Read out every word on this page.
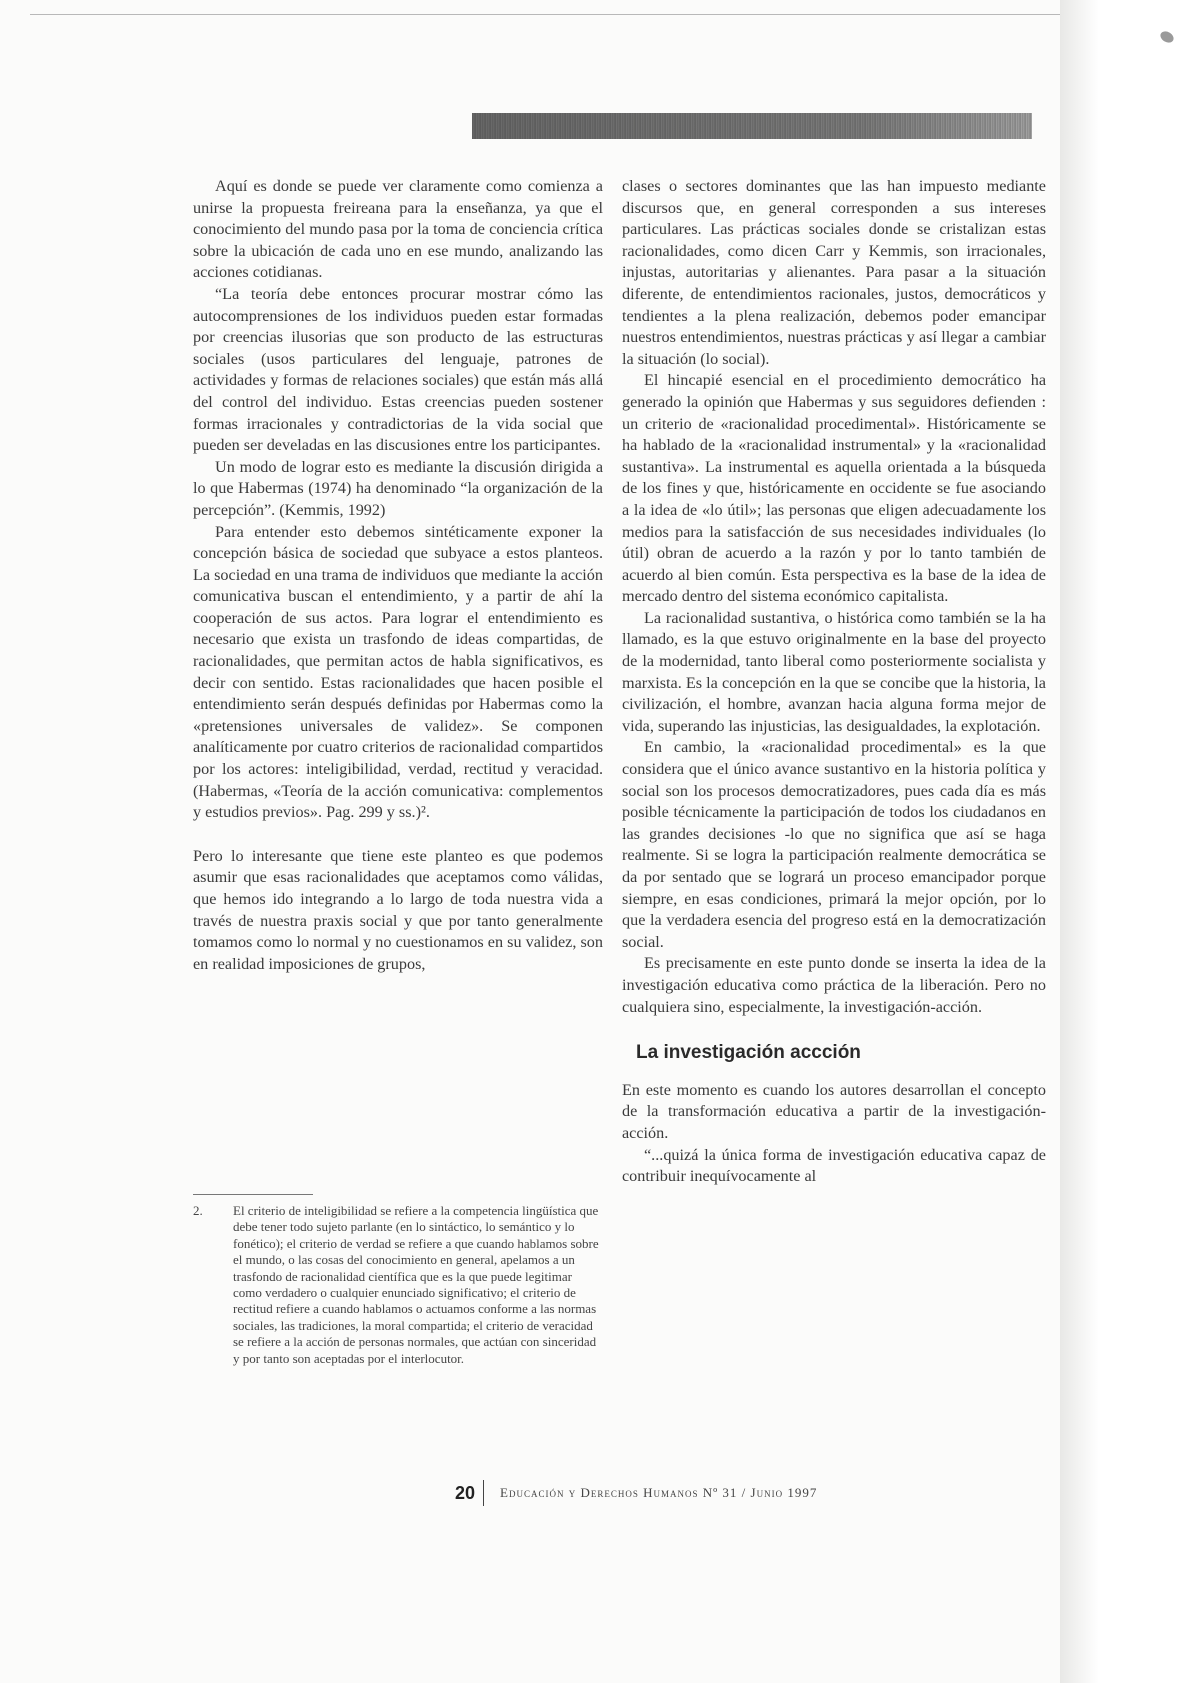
Aquí es donde se puede ver claramente como comienza a unirse la propuesta freireana para la enseñanza, ya que el conocimiento del mundo pasa por la toma de conciencia crítica sobre la ubicación de cada uno en ese mundo, analizando las acciones cotidianas.

“La teoría debe entonces procurar mostrar cómo las autocomprensiones de los individuos pueden estar formadas por creencias ilusorias que son producto de las estructuras sociales (usos particulares del lenguaje, patrones de actividades y formas de relaciones sociales) que están más allá del control del individuo. Estas creencias pueden sostener formas irracionales y contradictorias de la vida social que pueden ser develadas en las discusiones entre los participantes.

Un modo de lograr esto es mediante la discusión dirigida a lo que Habermas (1974) ha denominado “la organización de la percepción”. (Kemmis, 1992)

Para entender esto debemos sintéticamente exponer la concepción básica de sociedad que subyace a estos planteos. La sociedad en una trama de individuos que mediante la acción comunicativa buscan el entendimiento, y a partir de ahí la cooperación de sus actos. Para lograr el entendimiento es necesario que exista un trasfondo de ideas compartidas, de racionalidades, que permitan actos de habla significativos, es decir con sentido. Estas racionalidades que hacen posible el entendimiento serán después definidas por Habermas como la «pretensiones universales de validez». Se componen analíticamente por cuatro criterios de racionalidad compartidos por los actores: inteligibilidad, verdad, rectitud y veracidad. (Habermas, «Teoría de la acción comunicativa: complementos y estudios previos». Pag. 299 y ss.)².

Pero lo interesante que tiene este planteo es que podemos asumir que esas racionalidades que aceptamos como válidas, que hemos ido integrando a lo largo de toda nuestra vida a través de nuestra praxis social y que por tanto generalmente tomamos como lo normal y no cuestionamos en su validez, son en realidad imposiciones de grupos,

2.	El criterio de inteligibilidad se refiere a la competencia lingüística que debe tener todo sujeto parlante (en lo sintáctico, lo semántico y lo fonético); el criterio de verdad se refiere a que cuando hablamos sobre el mundo, o las cosas del conocimiento en general, apelamos a un trasfondo de racionalidad científica que es la que puede legitimar como verdadero o cualquier enunciado significativo; el criterio de rectitud refiere a cuando hablamos o actuamos conforme a las normas sociales, las tradiciones, la moral compartida; el criterio de veracidad se refiere a la acción de personas normales, que actúan con sinceridad y por tanto son aceptadas por el interlocutor.

clases o sectores dominantes que las han impuesto mediante discursos que, en general corresponden a sus intereses particulares. Las prácticas sociales donde se cristalizan estas racionalidades, como dicen Carr y Kemmis, son irracionales, injustas, autoritarias y alienantes. Para pasar a la situación diferente, de entendimientos racionales, justos, democráticos y tendientes a la plena realización, debemos poder emancipar nuestros entendimientos, nuestras prácticas y así llegar a cambiar la situación (lo social).

El hincapié esencial en el procedimiento democrático ha generado la opinión que Habermas y sus seguidores defienden : un criterio de «racionalidad procedimental». Históricamente se ha hablado de la «racionalidad instrumental» y la «racionalidad sustantiva». La instrumental es aquella orientada a la búsqueda de los fines y que, históricamente en occidente se fue asociando a la idea de «lo útil»; las personas que eligen adecuadamente los medios para la satisfacción de sus necesidades individuales (lo útil) obran de acuerdo a la razón y por lo tanto también de acuerdo al bien común. Esta perspectiva es la base de la idea de mercado dentro del sistema económico capitalista.

La racionalidad sustantiva, o histórica como también se la ha llamado, es la que estuvo originalmente en la base del proyecto de la modernidad, tanto liberal como posteriormente socialista y marxista. Es la concepción en la que se concibe que la historia, la civilización, el hombre, avanzan hacia alguna forma mejor de vida, superando las injusticias, las desigualdades, la explotación.

En cambio, la «racionalidad procedimental» es la que considera que el único avance sustantivo en la historia política y social son los procesos democratizadores, pues cada día es más posible técnicamente la participación de todos los ciudadanos en las grandes decisiones -lo que no significa que así se haga realmente. Si se logra la participación realmente democrática se da por sentado que se logrará un proceso emancipador porque siempre, en esas condiciones, primará la mejor opción, por lo que la verdadera esencia del progreso está en la democratización social.

Es precisamente en este punto donde se inserta la idea de la investigación educativa como práctica de la liberación. Pero no cualquiera sino, especialmente, la investigación-acción.

La investigación accción

En este momento es cuando los autores desarrollan el concepto de la transformación educativa a partir de la investigación-acción.

“...quizá la única forma de investigación educativa capaz de contribuir inequívocamente al

20 Educación y Derechos Humanos Nº 31 / Junio 1997
